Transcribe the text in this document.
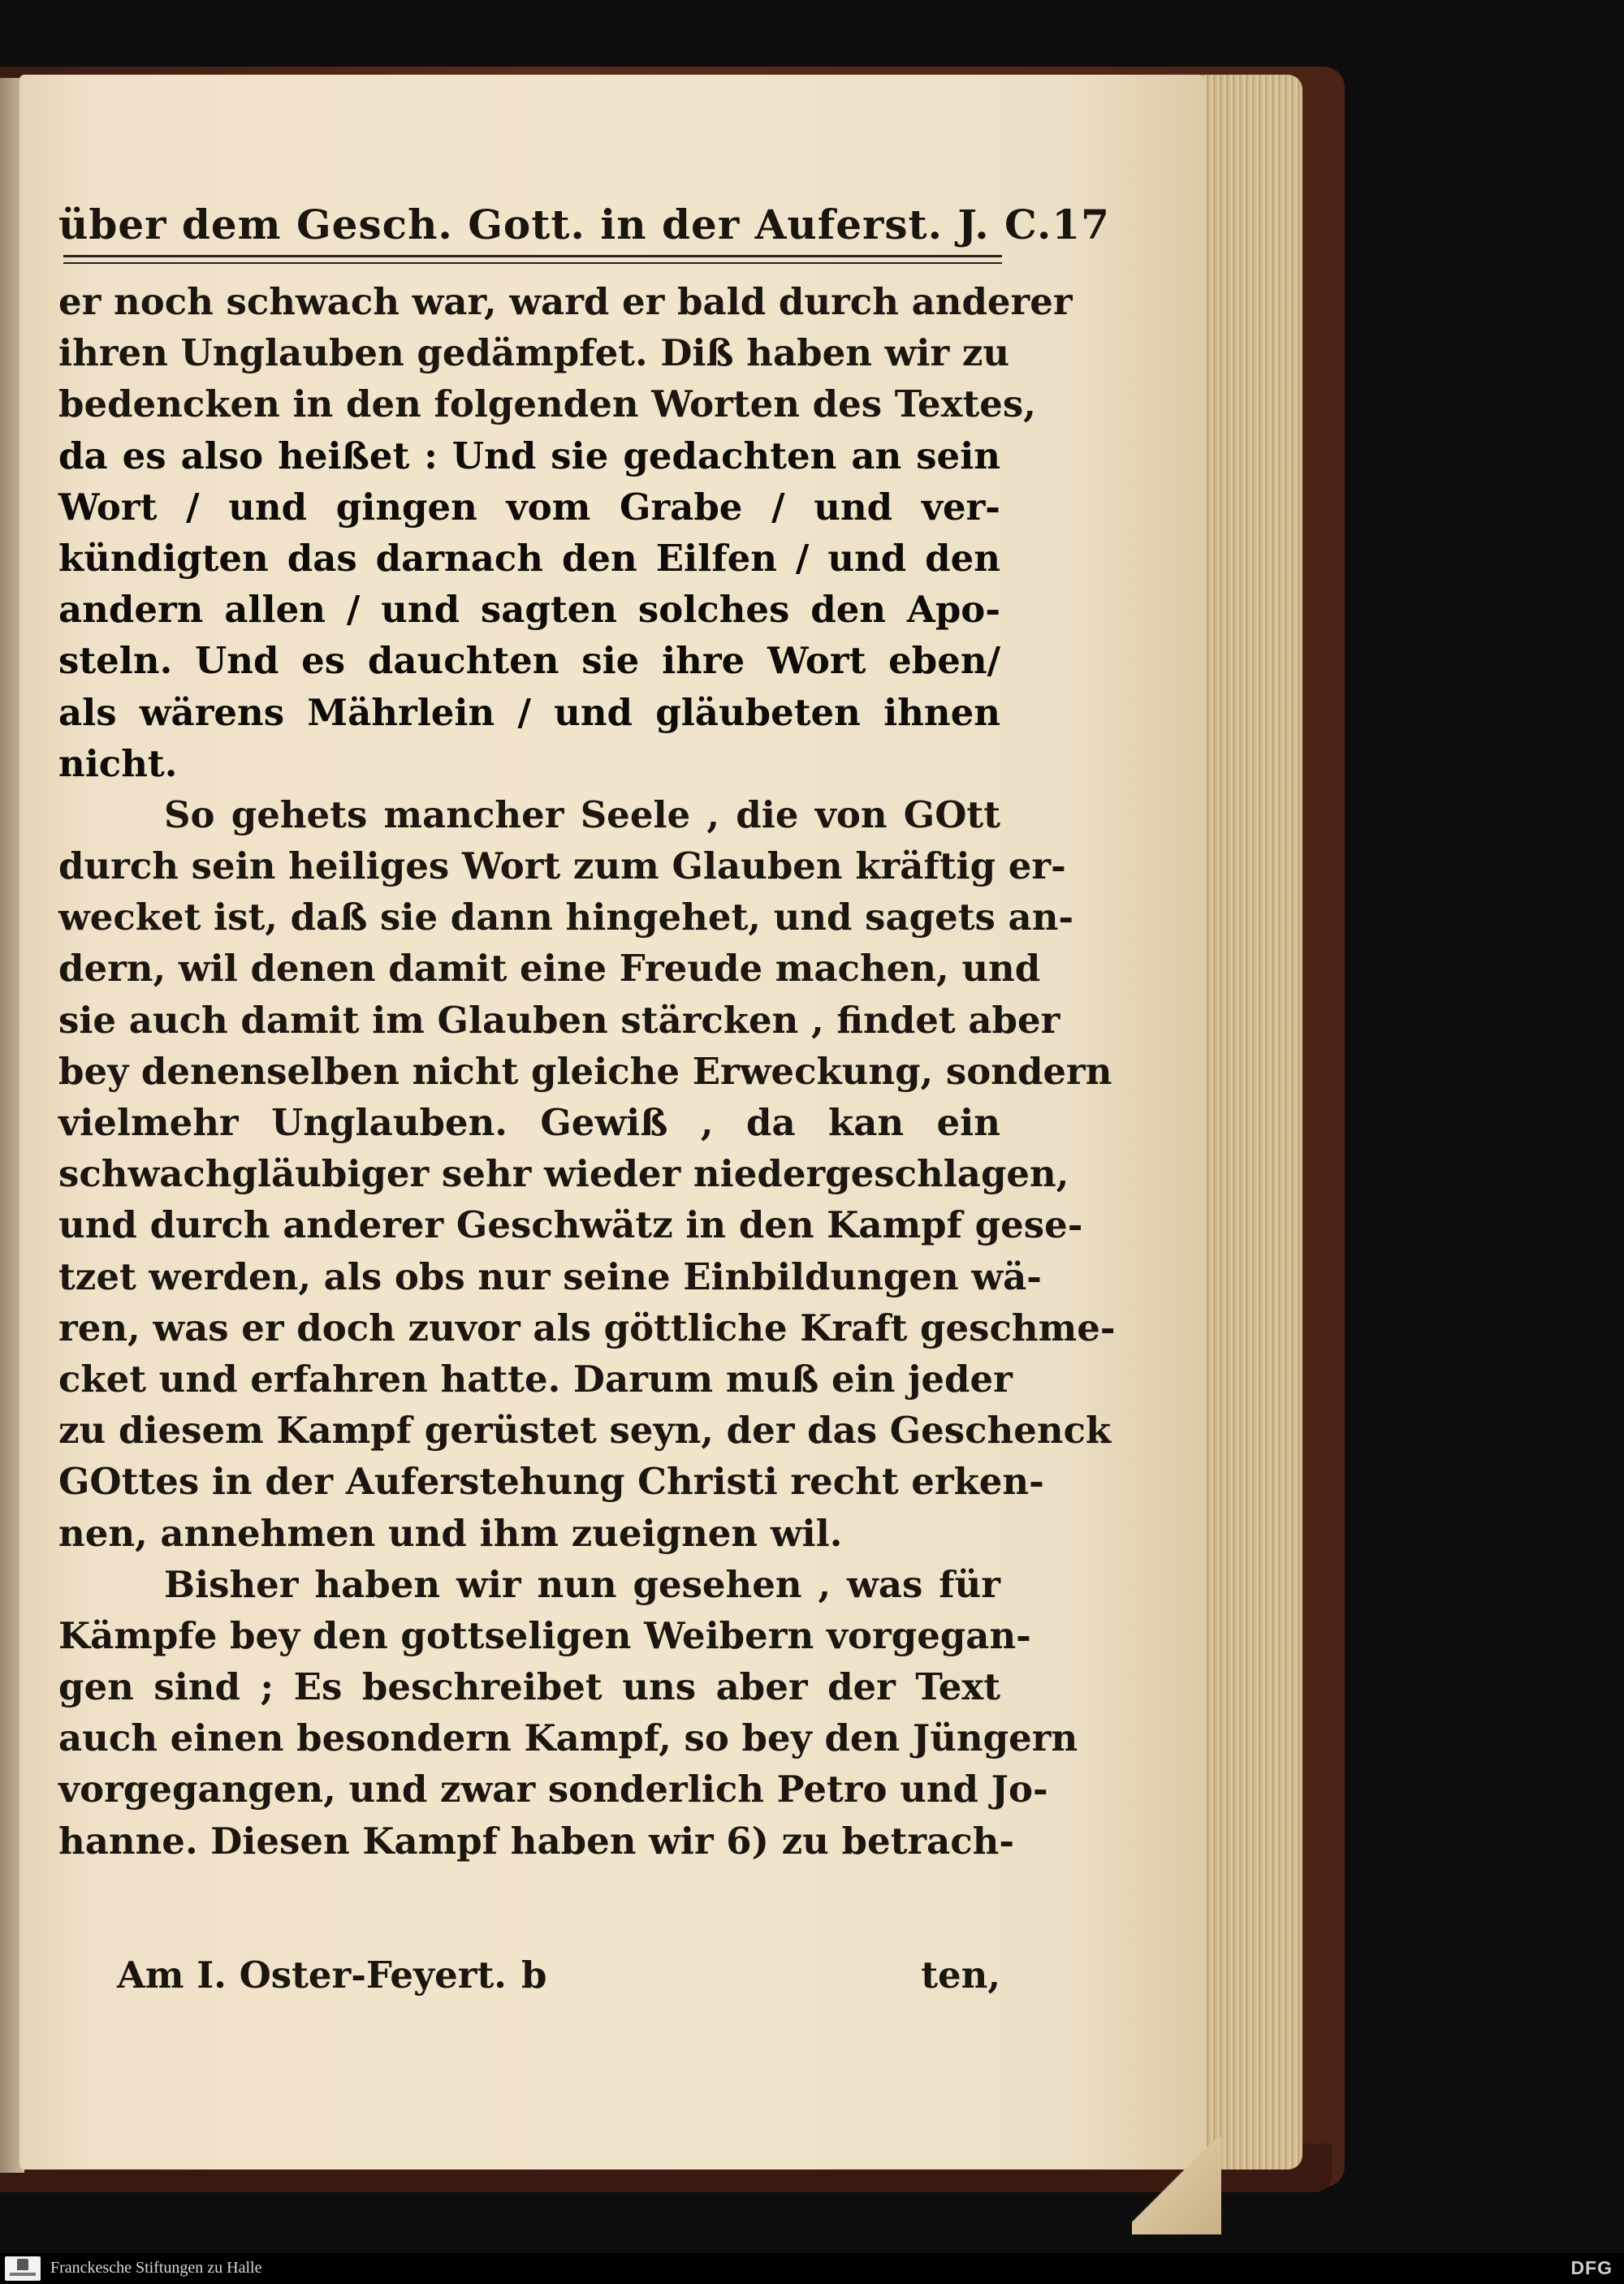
über dem Gesch. Gott. in der Auferst. J. C. 17
er noch schwach war, ward er bald durch anderer
ihren Unglauben gedämpfet. Diß haben wir zu
bedencken in den folgenden Worten des Textes,
da es also heißet : Und sie gedachten an sein
Wort / und gingen vom Grabe / und ver-
kündigten das darnach den Eilfen / und den
andern allen / und sagten solches den Apo-
steln. Und es dauchten sie ihre Wort eben/
als wärens Mährlein / und gläubeten ihnen
nicht.
So gehets mancher Seele , die von GOtt
durch sein heiliges Wort zum Glauben kräftig er-
wecket ist, daß sie dann hingehet, und sagets an-
dern, wil denen damit eine Freude machen, und
sie auch damit im Glauben stärcken , findet aber
bey denenselben nicht gleiche Erweckung, sondern
vielmehr Unglauben. Gewiß , da kan ein
schwachgläubiger sehr wieder niedergeschlagen,
und durch anderer Geschwätz in den Kampf gese-
tzet werden, als obs nur seine Einbildungen wä-
ren, was er doch zuvor als göttliche Kraft geschme-
cket und erfahren hatte. Darum muß ein jeder
zu diesem Kampf gerüstet seyn, der das Geschenck
GOttes in der Auferstehung Christi recht erken-
nen, annehmen und ihm zueignen wil.
Bisher haben wir nun gesehen , was für
Kämpfe bey den gottseligen Weibern vorgegan-
gen sind ; Es beschreibet uns aber der Text
auch einen besondern Kampf, so bey den Jüngern
vorgegangen, und zwar sonderlich Petro und Jo-
hanne. Diesen Kampf haben wir 6) zu betrach-
Am I. Oster-Feyert. b	ten,
Franckesche Stiftungen zu Halle	DFG
